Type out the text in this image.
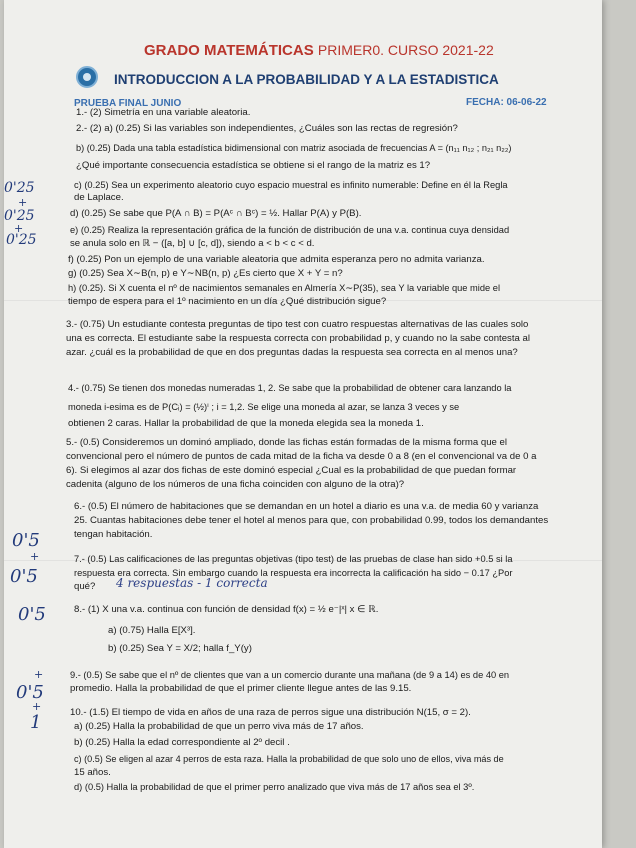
GRADO MATEMÁTICAS PRIMER0. CURSO 2021-22
INTRODUCCION A LA PROBABILIDAD Y A LA ESTADISTICA
PRUEBA FINAL JUNIO	FECHA: 06-06-22
1.- (2) Simetría en una variable aleatoria.
2.- (2) a) (0.25) Si las variables son independientes, ¿Cuáles son las rectas de regresión?
b) (0.25) Dada una tabla estadística bidimensional con matriz asociada de frecuencias A = (n₁₁ n₁₂ ; n₂₁ n₂₂)
¿Qué importante consecuencia estadística se obtiene si el rango de la matriz es 1?
c) (0.25) Sea un experimento aleatorio cuyo espacio muestral es infinito numerable: Define en él la Regla
de Laplace.
d) (0.25) Se sabe que P(A ∩ B) = P(Aᶜ ∩ Bᶜ) = ½. Hallar P(A) y P(B).
e) (0.25) Realiza la representación gráfica de la función de distribución de una v.a. continua cuya densidad
se anula solo en ℝ − ([a, b] ∪ [c, d]), siendo a < b < c < d.
f) (0.25) Pon un ejemplo de una variable aleatoria que admita esperanza pero no admita varianza.
g) (0.25) Sea X∼B(n, p) e Y∼NB(n, p) ¿Es cierto que X + Y = n?
h) (0.25). Si X cuenta el nº de nacimientos semanales en Almería X∼P(35), sea Y la variable que mide el
tiempo de espera para el 1º nacimiento en un día ¿Qué distribución sigue?
3.- (0.75) Un estudiante contesta preguntas de tipo test con cuatro respuestas alternativas de las cuales solo una es correcta. El estudiante sabe la respuesta correcta con probabilidad p, y cuando no la sabe contesta al azar. ¿cuál es la probabilidad de que en dos preguntas dadas la respuesta sea correcta en al menos una?
4.- (0.75) Se tienen dos monedas numeradas 1, 2. Se sabe que la probabilidad de obtener cara lanzando la
moneda i-esima es de P(Cᵢ) = (½)ⁱ ; i = 1,2. Se elige una moneda al azar, se lanza 3 veces y se
obtienen 2 caras. Hallar la probabilidad de que la moneda elegida sea la moneda 1.
5.- (0.5) Consideremos un dominó ampliado, donde las fichas están formadas de la misma forma que el convencional pero el número de puntos de cada mitad de la ficha va desde 0 a 8 (en el convencional va de 0 a 6). Si elegimos al azar dos fichas de este dominó especial ¿Cual es la probabilidad de que puedan formar cadenita (alguno de los números de una ficha coinciden con alguno de la otra)?
6.- (0.5) El número de habitaciones que se demandan en un hotel a diario es una v.a. de media 60 y varianza 25. Cuantas habitaciones debe tener el hotel al menos para que, con probabilidad 0.99, todos los demandantes tengan habitación.
7.- (0.5) Las calificaciones de las preguntas objetivas (tipo test) de las pruebas de clase han sido +0.5 si la
respuesta era correcta. Sin embargo cuando la respuesta era incorrecta la calificación ha sido − 0.17 ¿Por
qué? 4 respuestas - 1 correcta
8.- (1) X una v.a. continua con función de densidad f(x) = ½ e⁻|ˣ| x ∈ ℝ.
a) (0.75) Halla E[X³].
b) (0.25) Sea Y = X/2; halla f_Y(y)
9.- (0.5) Se sabe que el nº de clientes que van a un comercio durante una mañana (de 9 a 14) es de 40 en
promedio. Halla la probabilidad de que el primer cliente llegue antes de las 9.15.
10.- (1.5) El tiempo de vida en años de una raza de perros sigue una distribución N(15, σ = 2).
a) (0.25) Halla la probabilidad de que un perro viva más de 17 años.
b) (0.25) Halla la edad correspondiente al 2º decil .
c) (0.5) Se eligen al azar 4 perros de esta raza. Halla la probabilidad de que solo uno de ellos, viva más de
15 años.
d) (0.5) Halla la probabilidad de que el primer perro analizado que viva más de 17 años sea el 3º.
0'25
+
0'25
+
0'25
0'5
+
0'5
0'5
+
0'5
+
1
